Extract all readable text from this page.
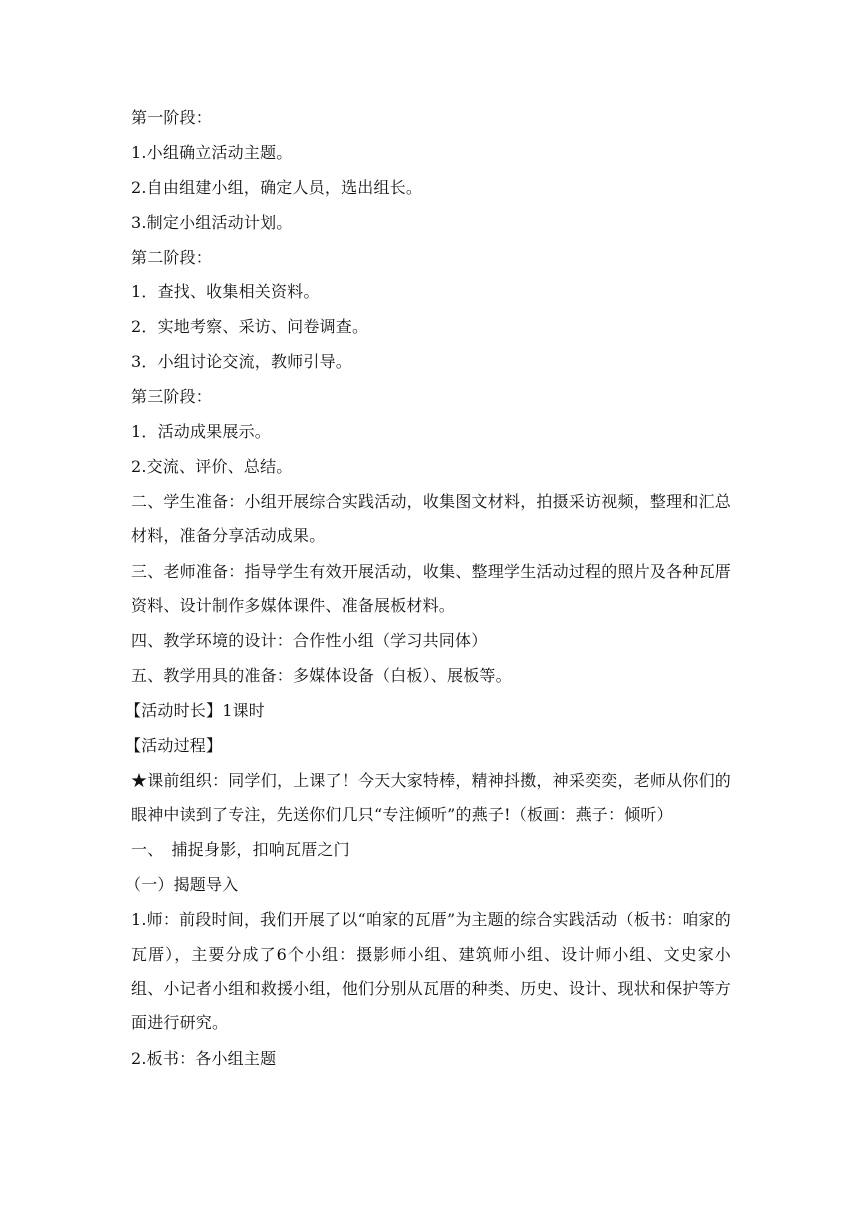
第一阶段：
1.小组确立活动主题。
2.自由组建小组，确定人员，选出组长。
3.制定小组活动计划。
第二阶段：
1．查找、收集相关资料。
2．实地考察、采访、问卷调查。
3．小组讨论交流，教师引导。
第三阶段：
1．活动成果展示。
2.交流、评价、总结。
二、学生准备：小组开展综合实践活动，收集图文材料，拍摄采访视频，整理和汇总材料，准备分享活动成果。
三、老师准备：指导学生有效开展活动，收集、整理学生活动过程的照片及各种瓦厝资料、设计制作多媒体课件、准备展板材料。
四、教学环境的设计：合作性小组（学习共同体）
五、教学用具的准备：多媒体设备（白板）、展板等。
【活动时长】1课时
【活动过程】
★课前组织：同学们，上课了！今天大家特棒，精神抖擞，神采奕奕，老师从你们的眼神中读到了专注，先送你们几只“专注倾听”的燕子!（板画：燕子：倾听）
一、　捕捉身影，扣响瓦厝之门
（一）揭题导入
1.师：前段时间，我们开展了以“咱家的瓦厝”为主题的综合实践活动（板书：咱家的瓦厝），主要分成了6个小组：摄影师小组、建筑师小组、设计师小组、文史家小组、小记者小组和救援小组，他们分别从瓦厝的种类、历史、设计、现状和保护等方面进行研究。
2.板书：各小组主题
